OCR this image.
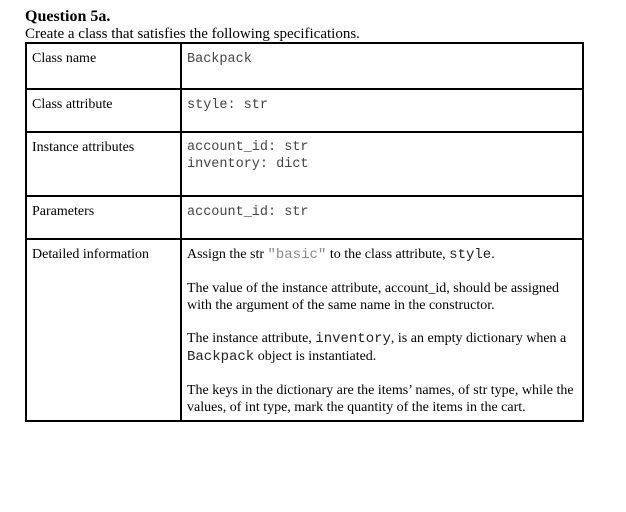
Question 5a.
Create a class that satisfies the following specifications.
Class name	Backpack
Class attribute	style: str
Instance attributes	account_id: str
inventory: dict

Parameters	account_id: str
Detailed information	Assign the str "basic" to the class attribute, style.

The value of the instance attribute, account_id, should be assigned with the argument of the same name in the constructor.

The instance attribute, inventory, is an empty dictionary when a Backpack object is instantiated.

The keys in the dictionary are the items’ names, of str type, while the values, of int type, mark the quantity of the items in the cart.
